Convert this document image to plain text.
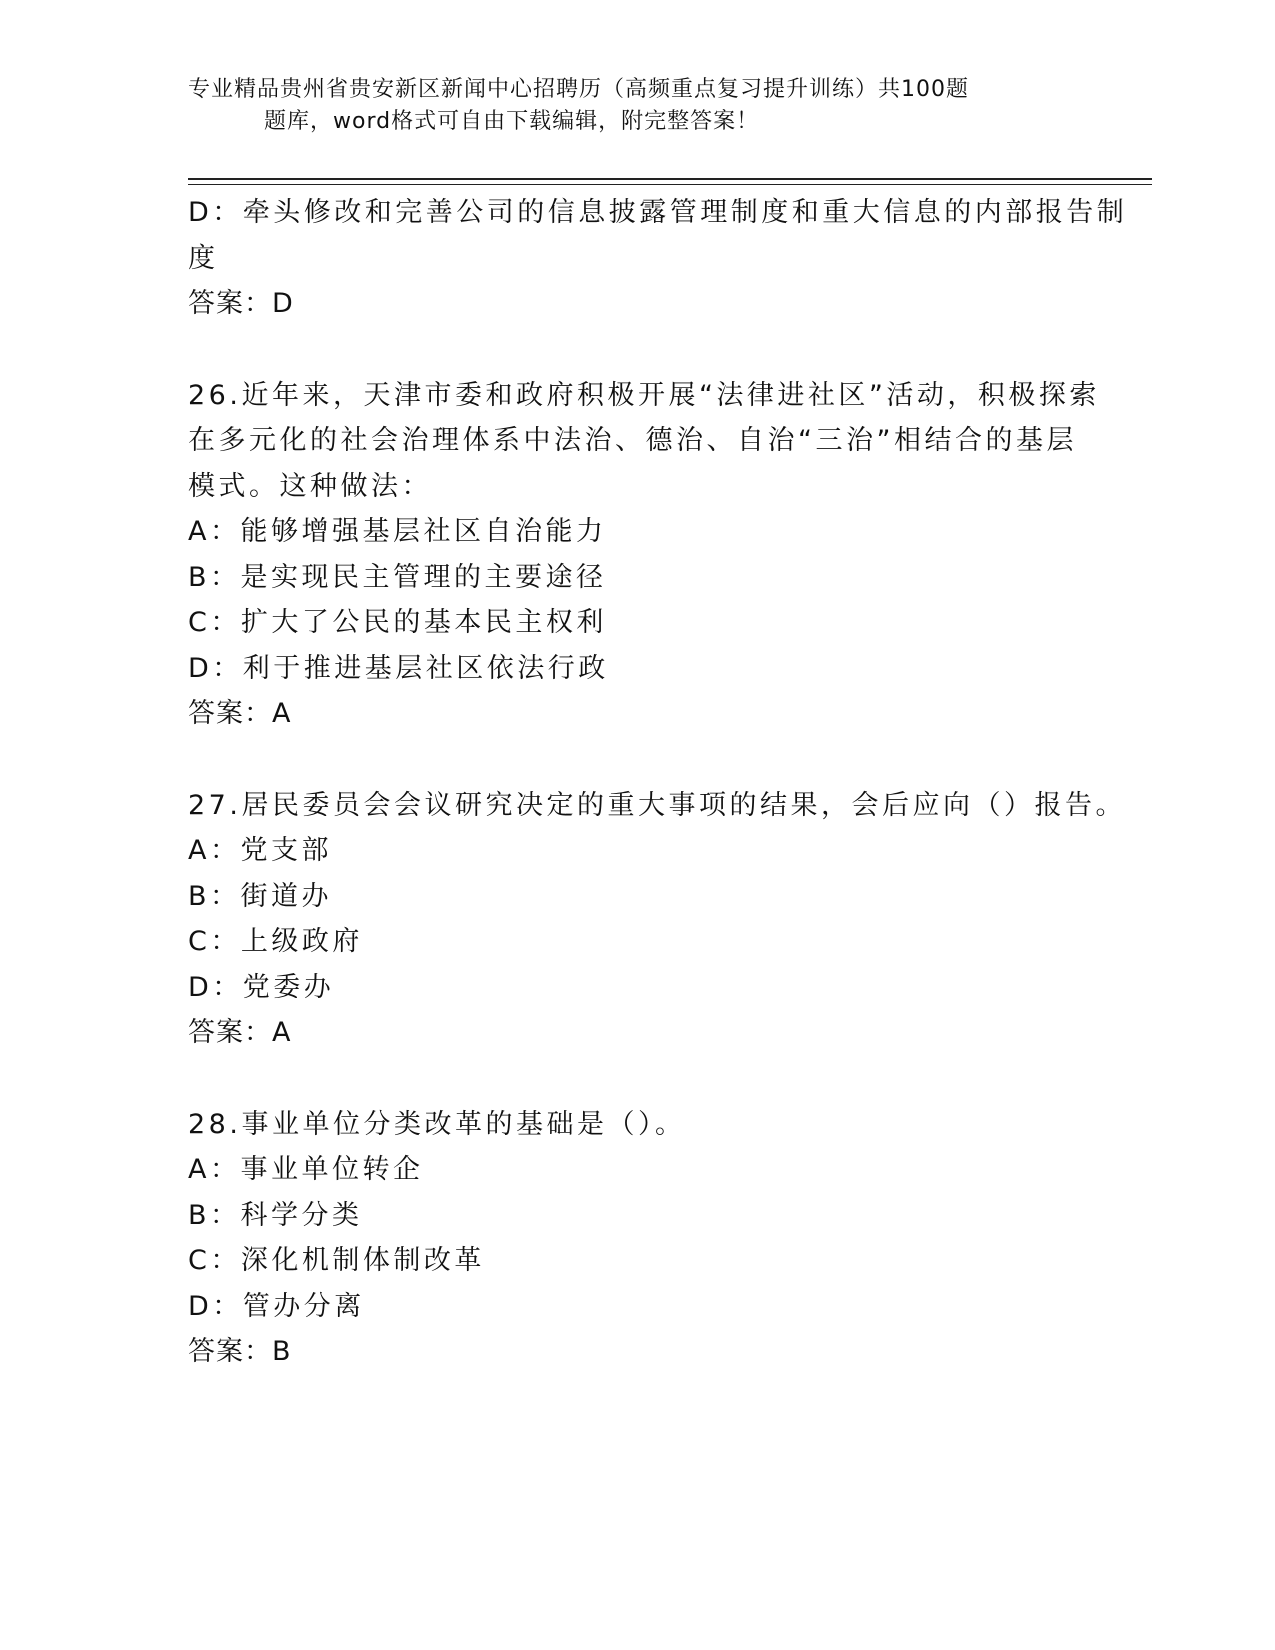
专业精品贵州省贵安新区新闻中心招聘历（高频重点复习提升训练）共100题
题库，word格式可自由下载编辑，附完整答案！
D：牵头修改和完善公司的信息披露管理制度和重大信息的内部报告制
度
答案：D
26.近年来，天津市委和政府积极开展“法律进社区”活动，积极探索
在多元化的社会治理体系中法治、德治、自治“三治”相结合的基层
模式。这种做法：
A：能够增强基层社区自治能力
B：是实现民主管理的主要途径
C：扩大了公民的基本民主权利
D：利于推进基层社区依法行政
答案：A
27.居民委员会会议研究决定的重大事项的结果，会后应向（）报告。
A：党支部
B：街道办
C：上级政府
D：党委办
答案：A
28.事业单位分类改革的基础是（）。
A：事业单位转企
B：科学分类
C：深化机制体制改革
D：管办分离
答案：B
